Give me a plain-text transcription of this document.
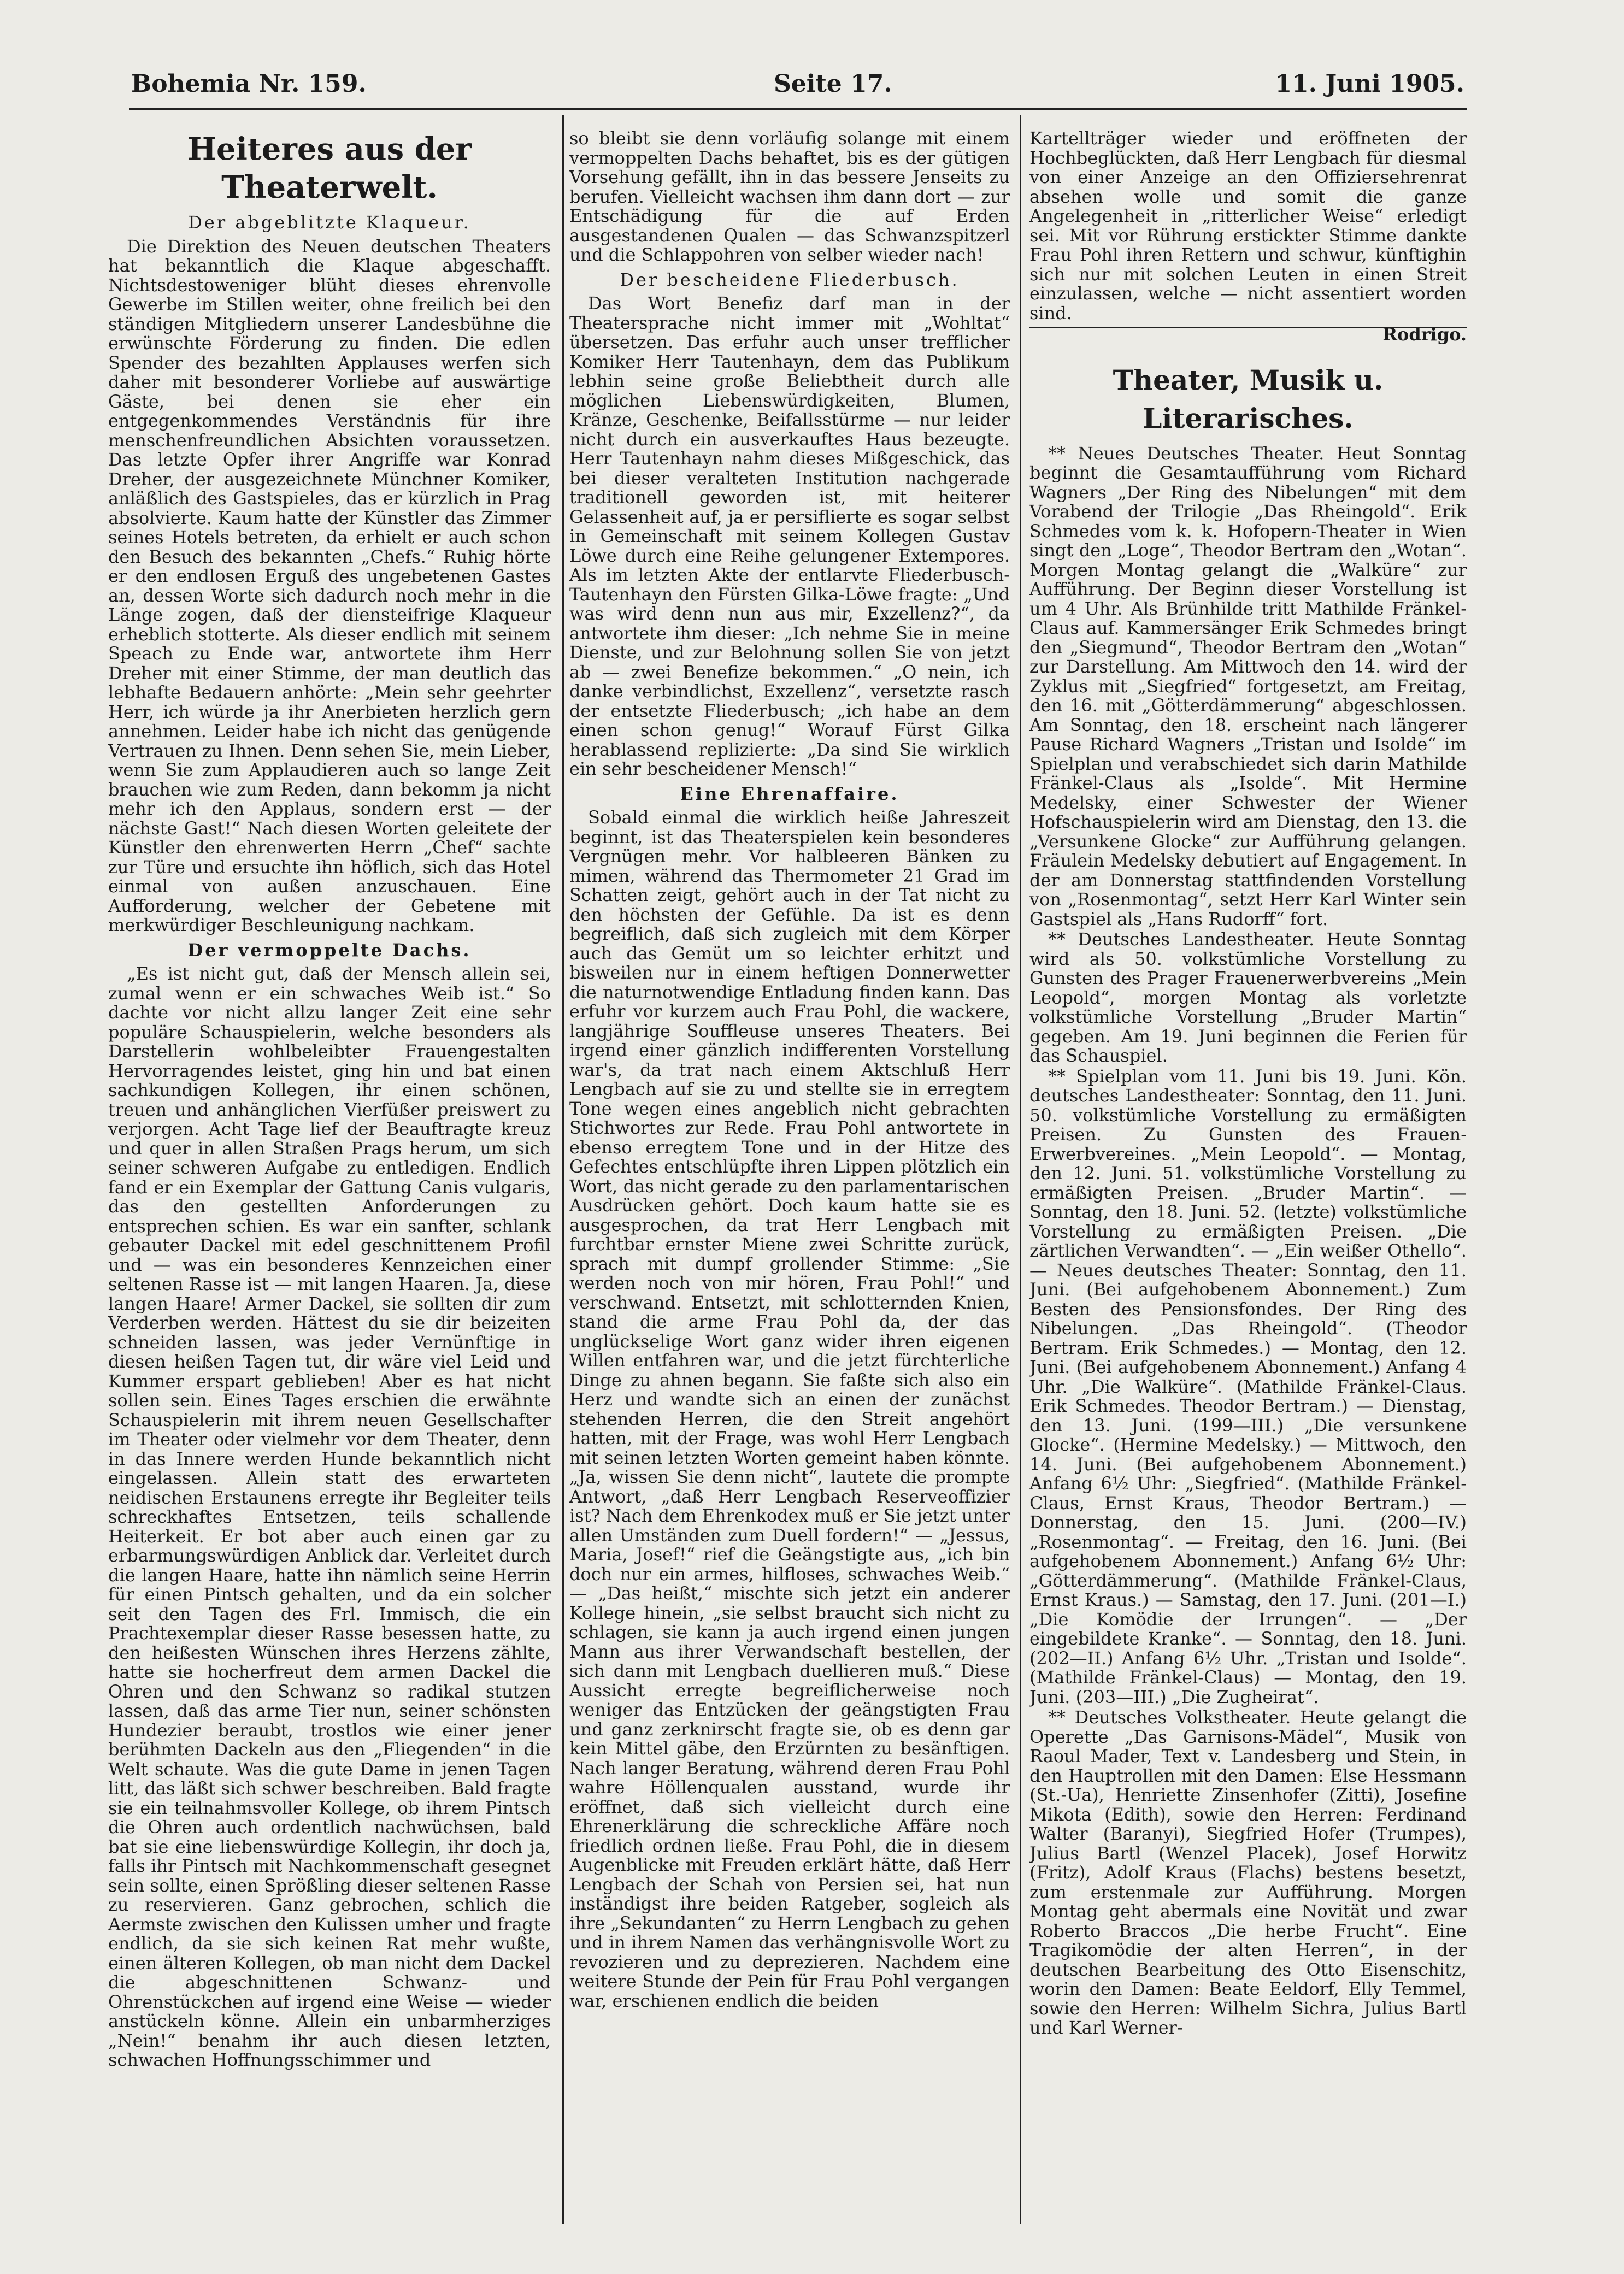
Bohemia Nr. 159.	Seite 17.	11. Juni 1905.
Heiteres aus der Theaterwelt.
Der abgeblitzte Klaqueur.

Die Direktion des Neuen deutschen Theaters hat bekanntlich die Klaque abgeschafft. Nichtsdestoweniger blüht dieses ehrenvolle Gewerbe im Stillen weiter, ohne freilich bei den ständigen Mitgliedern unserer Landesbühne die erwünschte Förderung zu finden. Die edlen Spender des bezahlten Applauses werfen sich daher mit besonderer Vorliebe auf auswärtige Gäste, bei denen sie eher ein entgegenkommendes Verständnis für ihre menschenfreundlichen Absichten voraussetzen. Das letzte Opfer ihrer Angriffe war Konrad Dreher, der ausgezeichnete Münchner Komiker, anläßlich des Gastspieles, das er kürzlich in Prag absolvierte. Kaum hatte der Künstler das Zimmer seines Hotels betreten, da erhielt er auch schon den Besuch des bekannten „Chefs.“ Ruhig hörte er den endlosen Erguß des ungebetenen Gastes an, dessen Worte sich dadurch noch mehr in die Länge zogen, daß der diensteifrige Klaqueur erheblich stotterte. Als dieser endlich mit seinem Speach zu Ende war, antwortete ihm Herr Dreher mit einer Stimme, der man deutlich das lebhafte Bedauern anhörte: „Mein sehr geehrter Herr, ich würde ja ihr Anerbieten herzlich gern annehmen. Leider habe ich nicht das genügende Vertrauen zu Ihnen. Denn sehen Sie, mein Lieber, wenn Sie zum Applaudieren auch so lange Zeit brauchen wie zum Reden, dann bekomm ja nicht mehr ich den Applaus, sondern erst — der nächste Gast!“ Nach diesen Worten geleitete der Künstler den ehrenwerten Herrn „Chef“ sachte zur Türe und ersuchte ihn höflich, sich das Hotel einmal von außen anzuschauen. Eine Aufforderung, welcher der Gebetene mit merkwürdiger Beschleunigung nachkam.

Der vermoppelte Dachs.

„Es ist nicht gut, daß der Mensch allein sei, zumal wenn er ein schwaches Weib ist.“ So dachte vor nicht allzu langer Zeit eine sehr populäre Schauspielerin, welche besonders als Darstellerin wohlbeleibter Frauengestalten Hervorragendes leistet, ging hin und bat einen sachkundigen Kollegen, ihr einen schönen, treuen und anhänglichen Vierfüßer preiswert zu verjorgen. Acht Tage lief der Beauftragte kreuz und quer in allen Straßen Prags herum, um sich seiner schweren Aufgabe zu entledigen. Endlich fand er ein Exemplar der Gattung Canis vulgaris, das den gestellten Anforderungen zu entsprechen schien. Es war ein sanfter, schlank gebauter Dackel mit edel geschnittenem Profil und — was ein besonderes Kennzeichen einer seltenen Rasse ist — mit langen Haaren. Ja, diese langen Haare! Armer Dackel, sie sollten dir zum Verderben werden. Hättest du sie dir beizeiten schneiden lassen, was jeder Vernünftige in diesen heißen Tagen tut, dir wäre viel Leid und Kummer erspart geblieben! Aber es hat nicht sollen sein. Eines Tages erschien die erwähnte Schauspielerin mit ihrem neuen Gesellschafter im Theater oder vielmehr vor dem Theater, denn in das Innere werden Hunde bekanntlich nicht eingelassen. Allein statt des erwarteten neidischen Erstaunens erregte ihr Begleiter teils schreckhaftes Entsetzen, teils schallende Heiterkeit. Er bot aber auch einen gar zu erbarmungswürdigen Anblick dar. Verleitet durch die langen Haare, hatte ihn nämlich seine Herrin für einen Pintsch gehalten, und da ein solcher seit den Tagen des Frl. Immisch, die ein Prachtexemplar dieser Rasse besessen hatte, zu den heißesten Wünschen ihres Herzens zählte, hatte sie hocherfreut dem armen Dackel die Ohren und den Schwanz so radikal stutzen lassen, daß das arme Tier nun, seiner schönsten Hundezier beraubt, trostlos wie einer jener berühmten Dackeln aus den „Fliegenden“ in die Welt schaute. Was die gute Dame in jenen Tagen litt, das läßt sich schwer beschreiben. Bald fragte sie ein teilnahmsvoller Kollege, ob ihrem Pintsch die Ohren auch ordentlich nachwüchsen, bald bat sie eine liebenswürdige Kollegin, ihr doch ja, falls ihr Pintsch mit Nachkommenschaft gesegnet sein sollte, einen Sprößling dieser seltenen Rasse zu reservieren. Ganz gebrochen, schlich die Aermste zwischen den Kulissen umher und fragte endlich, da sie sich keinen Rat mehr wußte, einen älteren Kollegen, ob man nicht dem Dackel die abgeschnittenen Schwanz- und Ohrenstückchen auf irgend eine Weise — wieder anstückeln könne. Allein ein unbarmherziges „Nein!“ benahm ihr auch diesen letzten, schwachen Hoffnungsschimmer und

so bleibt sie denn vorläufig solange mit einem vermoppelten Dachs behaftet, bis es der gütigen Vorsehung gefällt, ihn in das bessere Jenseits zu berufen. Vielleicht wachsen ihm dann dort — zur Entschädigung für die auf Erden ausgestandenen Qualen — das Schwanzspitzerl und die Schlappohren von selber wieder nach!

Der bescheidene Fliederbusch.

Das Wort Benefiz darf man in der Theatersprache nicht immer mit „Wohltat“ übersetzen. Das erfuhr auch unser trefflicher Komiker Herr Tautenhayn, dem das Publikum lebhin seine große Beliebtheit durch alle möglichen Liebenswürdigkeiten, Blumen, Kränze, Geschenke, Beifallsstürme — nur leider nicht durch ein ausverkauftes Haus bezeugte. Herr Tautenhayn nahm dieses Mißgeschick, das bei dieser veralteten Institution nachgerade traditionell geworden ist, mit heiterer Gelassenheit auf, ja er persiflierte es sogar selbst in Gemeinschaft mit seinem Kollegen Gustav Löwe durch eine Reihe gelungener Extempores. Als im letzten Akte der entlarvte Fliederbusch-Tautenhayn den Fürsten Gilka-Löwe fragte: „Und was wird denn nun aus mir, Exzellenz?“, da antwortete ihm dieser: „Ich nehme Sie in meine Dienste, und zur Belohnung sollen Sie von jetzt ab — zwei Benefize bekommen.“ „O nein, ich danke verbindlichst, Exzellenz“, versetzte rasch der entsetzte Fliederbusch; „ich habe an dem einen schon genug!“ Worauf Fürst Gilka herablassend replizierte: „Da sind Sie wirklich ein sehr bescheidener Mensch!“

Eine Ehrenaffaire.

Sobald einmal die wirklich heiße Jahreszeit beginnt, ist das Theaterspielen kein besonderes Vergnügen mehr. Vor halbleeren Bänken zu mimen, während das Thermometer 21 Grad im Schatten zeigt, gehört auch in der Tat nicht zu den höchsten der Gefühle. Da ist es denn begreiflich, daß sich zugleich mit dem Körper auch das Gemüt um so leichter erhitzt und bisweilen nur in einem heftigen Donnerwetter die naturnotwendige Entladung finden kann. Das erfuhr vor kurzem auch Frau Pohl, die wackere, langjährige Souffleuse unseres Theaters. Bei irgend einer gänzlich indifferenten Vorstellung war's, da trat nach einem Aktschluß Herr Lengbach auf sie zu und stellte sie in erregtem Tone wegen eines angeblich nicht gebrachten Stichwortes zur Rede. Frau Pohl antwortete in ebenso erregtem Tone und in der Hitze des Gefechtes entschlüpfte ihren Lippen plötzlich ein Wort, das nicht gerade zu den parlamentarischen Ausdrücken gehört. Doch kaum hatte sie es ausgesprochen, da trat Herr Lengbach mit furchtbar ernster Miene zwei Schritte zurück, sprach mit dumpf grollender Stimme: „Sie werden noch von mir hören, Frau Pohl!“ und verschwand. Entsetzt, mit schlotternden Knien, stand die arme Frau Pohl da, der das unglückselige Wort ganz wider ihren eigenen Willen entfahren war, und die jetzt fürchterliche Dinge zu ahnen begann. Sie faßte sich also ein Herz und wandte sich an einen der zunächst stehenden Herren, die den Streit angehört hatten, mit der Frage, was wohl Herr Lengbach mit seinen letzten Worten gemeint haben könnte. „Ja, wissen Sie denn nicht“, lautete die prompte Antwort, „daß Herr Lengbach Reserveoffizier ist? Nach dem Ehrenkodex muß er Sie jetzt unter allen Umständen zum Duell fordern!“ — „Jessus, Maria, Josef!“ rief die Geängstigte aus, „ich bin doch nur ein armes, hilfloses, schwaches Weib.“ — „Das heißt,“ mischte sich jetzt ein anderer Kollege hinein, „sie selbst braucht sich nicht zu schlagen, sie kann ja auch irgend einen jungen Mann aus ihrer Verwandschaft bestellen, der sich dann mit Lengbach duellieren muß.“ Diese Aussicht erregte begreiflicherweise noch weniger das Entzücken der geängstigten Frau und ganz zerknirscht fragte sie, ob es denn gar kein Mittel gäbe, den Erzürnten zu besänftigen. Nach langer Beratung, während deren Frau Pohl wahre Höllenqualen ausstand, wurde ihr eröffnet, daß sich vielleicht durch eine Ehrenerklärung die schreckliche Affäre noch friedlich ordnen ließe. Frau Pohl, die in diesem Augenblicke mit Freuden erklärt hätte, daß Herr Lengbach der Schah von Persien sei, hat nun inständigst ihre beiden Ratgeber, sogleich als ihre „Sekundanten“ zu Herrn Lengbach zu gehen und in ihrem Namen das verhängnisvolle Wort zu revozieren und zu deprezieren. Nachdem eine weitere Stunde der Pein für Frau Pohl vergangen war, erschienen endlich die beiden

Kartellträger wieder und eröffneten der Hochbeglückten, daß Herr Lengbach für diesmal von einer Anzeige an den Offiziersehrenrat absehen wolle und somit die ganze Angelegenheit in „ritterlicher Weise“ erledigt sei. Mit vor Rührung erstickter Stimme dankte Frau Pohl ihren Rettern und schwur, künftighin sich nur mit solchen Leuten in einen Streit einzulassen, welche — nicht assentiert worden sind.

Rodrigo.
Theater, Musik u. Literarisches.

** Neues Deutsches Theater. Heut Sonntag beginnt die Gesamtaufführung vom Richard Wagners „Der Ring des Nibelungen“ mit dem Vorabend der Trilogie „Das Rheingold“. Erik Schmedes vom k. k. Hofopern-Theater in Wien singt den „Loge“, Theodor Bertram den „Wotan“. Morgen Montag gelangt die „Walküre“ zur Aufführung. Der Beginn dieser Vorstellung ist um 4 Uhr. Als Brünhilde tritt Mathilde Fränkel-Claus auf. Kammersänger Erik Schmedes bringt den „Siegmund“, Theodor Bertram den „Wotan“ zur Darstellung. Am Mittwoch den 14. wird der Zyklus mit „Siegfried“ fortgesetzt, am Freitag, den 16. mit „Götterdämmerung“ abgeschlossen. Am Sonntag, den 18. erscheint nach längerer Pause Richard Wagners „Tristan und Isolde“ im Spielplan und verabschiedet sich darin Mathilde Fränkel-Claus als „Isolde“. Mit Hermine Medelsky, einer Schwester der Wiener Hofschauspielerin wird am Dienstag, den 13. die „Versunkene Glocke“ zur Aufführung gelangen. Fräulein Medelsky debutiert auf Engagement. In der am Donnerstag stattfindenden Vorstellung von „Rosenmontag“, setzt Herr Karl Winter sein Gastspiel als „Hans Rudorff“ fort.

** Deutsches Landestheater. Heute Sonntag wird als 50. volkstümliche Vorstellung zu Gunsten des Prager Frauenerwerbvereins „Mein Leopold“, morgen Montag als vorletzte volkstümliche Vorstellung „Bruder Martin“ gegeben. Am 19. Juni beginnen die Ferien für das Schauspiel.

** Spielplan vom 11. Juni bis 19. Juni. Kön. deutsches Landestheater: Sonntag, den 11. Juni. 50. volkstümliche Vorstellung zu ermäßigten Preisen. Zu Gunsten des Frauen-Erwerbvereines. „Mein Leopold“. — Montag, den 12. Juni. 51. volkstümliche Vorstellung zu ermäßigten Preisen. „Bruder Martin“. — Sonntag, den 18. Juni. 52. (letzte) volkstümliche Vorstellung zu ermäßigten Preisen. „Die zärtlichen Verwandten“. — „Ein weißer Othello“. — Neues deutsches Theater: Sonntag, den 11. Juni. (Bei aufgehobenem Abonnement.) Zum Besten des Pensionsfondes. Der Ring des Nibelungen. „Das Rheingold“. (Theodor Bertram. Erik Schmedes.) — Montag, den 12. Juni. (Bei aufgehobenem Abonnement.) Anfang 4 Uhr. „Die Walküre“. (Mathilde Fränkel-Claus. Erik Schmedes. Theodor Bertram.) — Dienstag, den 13. Juni. (199—III.) „Die versunkene Glocke“. (Hermine Medelsky.) — Mittwoch, den 14. Juni. (Bei aufgehobenem Abonnement.) Anfang 6½ Uhr: „Siegfried“. (Mathilde Fränkel-Claus, Ernst Kraus, Theodor Bertram.) — Donnerstag, den 15. Juni. (200—IV.) „Rosenmontag“. — Freitag, den 16. Juni. (Bei aufgehobenem Abonnement.) Anfang 6½ Uhr: „Götterdämmerung“. (Mathilde Fränkel-Claus, Ernst Kraus.) — Samstag, den 17. Juni. (201—I.) „Die Komödie der Irrungen“. — „Der eingebildete Kranke“. — Sonntag, den 18. Juni. (202—II.) Anfang 6½ Uhr. „Tristan und Isolde“. (Mathilde Fränkel-Claus) — Montag, den 19. Juni. (203—III.) „Die Zugheirat“.

** Deutsches Volkstheater. Heute gelangt die Operette „Das Garnisons-Mädel“, Musik von Raoul Mader, Text v. Landesberg und Stein, in den Hauptrollen mit den Damen: Else Hessmann (St.-Ua), Henriette Zinsenhofer (Zitti), Josefine Mikota (Edith), sowie den Herren: Ferdinand Walter (Baranyi), Siegfried Hofer (Trumpes), Julius Bartl (Wenzel Placek), Josef Horwitz (Fritz), Adolf Kraus (Flachs) bestens besetzt, zum erstenmale zur Aufführung. Morgen Montag geht abermals eine Novität und zwar Roberto Braccos „Die herbe Frucht“. Eine Tragikomödie der alten Herren“, in der deutschen Bearbeitung des Otto Eisenschitz, worin den Damen: Beate Eeldorf, Elly Temmel, sowie den Herren: Wilhelm Sichra, Julius Bartl und Karl Werner-
